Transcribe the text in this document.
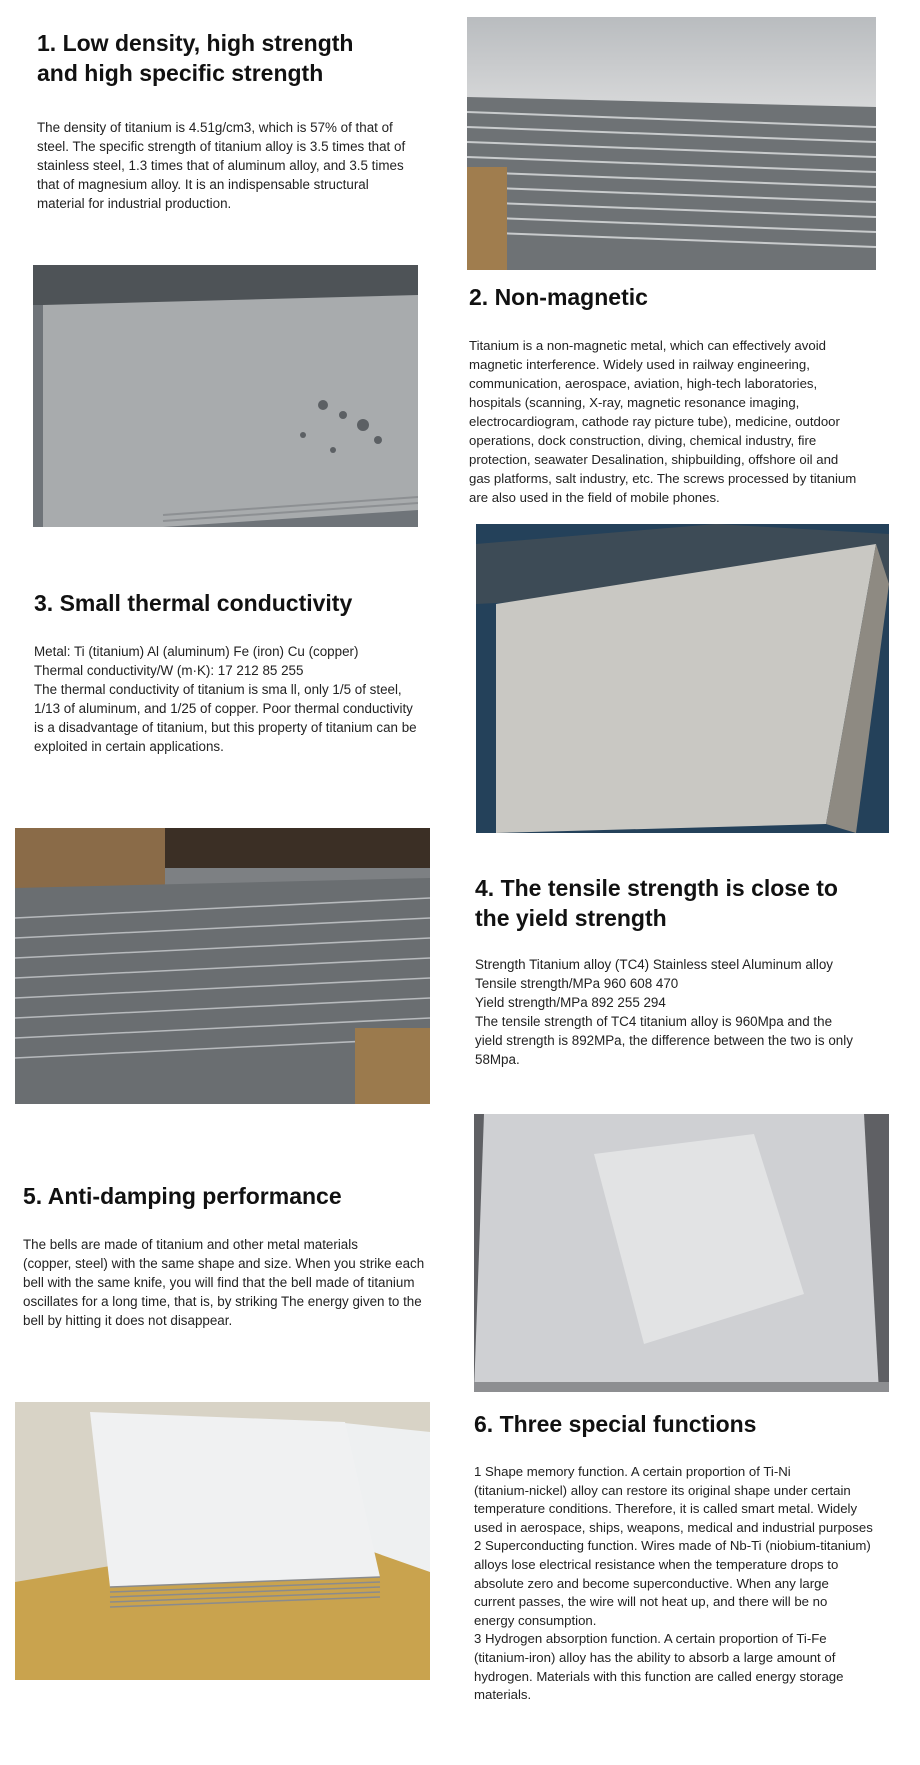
1. Low density, high strength
and high specific strength

The density of titanium is 4.51g/cm3, which is 57% of that of
steel. The specific strength of titanium alloy is 3.5 times that of
stainless steel, 1.3 times that of aluminum alloy, and 3.5 times
that of magnesium alloy. It is an indispensable structural
material for industrial production.

2. Non-magnetic

Titanium is a non-magnetic metal, which can effectively avoid
magnetic interference. Widely used in railway engineering,
communication, aerospace, aviation, high-tech laboratories,
hospitals (scanning, X-ray, magnetic resonance imaging,
electrocardiogram, cathode ray picture tube), medicine, outdoor
operations, dock construction, diving, chemical industry, fire
protection, seawater Desalination, shipbuilding, offshore oil and
gas platforms, salt industry, etc. The screws processed by titanium
are also used in the field of mobile phones.

3. Small thermal conductivity

Metal: Ti (titanium) Al (aluminum) Fe (iron) Cu (copper)
Thermal conductivity/W (m·K): 17 212 85 255
The thermal conductivity of titanium is sma ll, only 1/5 of steel,
1/13 of aluminum, and 1/25 of copper. Poor thermal conductivity
is a disadvantage of titanium, but this property of titanium can be
exploited in certain applications.

4. The tensile strength is close to
the yield strength

Strength Titanium alloy (TC4) Stainless steel Aluminum alloy
Tensile strength/MPa 960 608 470
Yield strength/MPa 892 255 294
The tensile strength of TC4 titanium alloy is 960Mpa and the
yield strength is 892MPa, the difference between the two is only
58Mpa.

5. Anti-damping performance

The bells are made of titanium and other metal materials
(copper, steel) with the same shape and size. When you strike each
bell with the same knife, you will find that the bell made of titanium
oscillates for a long time, that is, by striking The energy given to the
bell by hitting it does not disappear.

6. Three special functions

1 Shape memory function. A certain proportion of Ti-Ni
(titanium-nickel) alloy can restore its original shape under certain
temperature conditions. Therefore, it is called smart metal. Widely
used in aerospace, ships, weapons, medical and industrial purposes
2 Superconducting function. Wires made of Nb-Ti (niobium-titanium)
alloys lose electrical resistance when the temperature drops to
absolute zero and become superconductive. When any large
current passes, the wire will not heat up, and there will be no
energy consumption.
3 Hydrogen absorption function. A certain proportion of Ti-Fe
(titanium-iron) alloy has the ability to absorb a large amount of
hydrogen. Materials with this function are called energy storage
materials.
